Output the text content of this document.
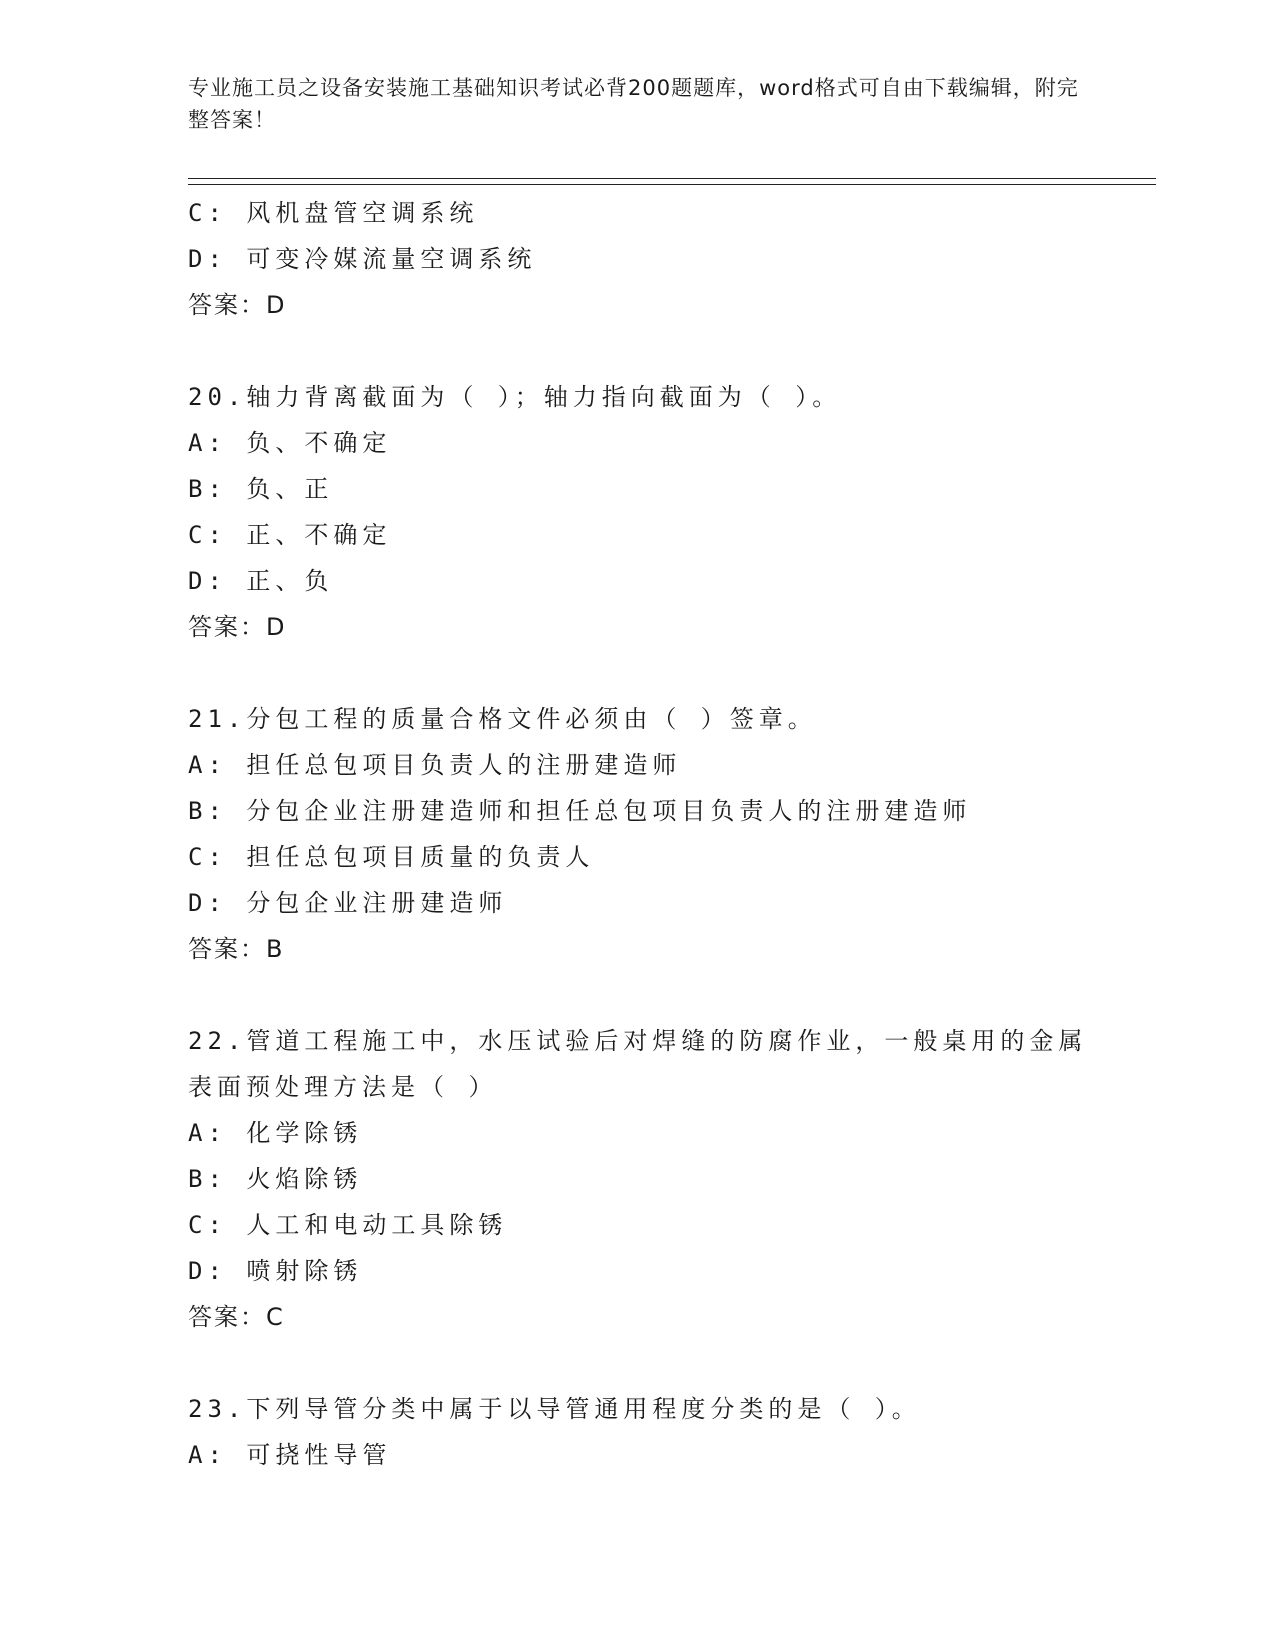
专业施工员之设备安装施工基础知识考试必背200题题库，word格式可自由下载编辑，附完整答案！
C: 风机盘管空调系统
D: 可变冷媒流量空调系统
答案：D
20.轴力背离截面为（ ）；轴力指向截面为（ ）。
A: 负、不确定
B: 负、正
C: 正、不确定
D: 正、负
答案：D
21.分包工程的质量合格文件必须由（ ）签章。
A: 担任总包项目负责人的注册建造师
B: 分包企业注册建造师和担任总包项目负责人的注册建造师
C: 担任总包项目质量的负责人
D: 分包企业注册建造师
答案：B
22.管道工程施工中，水压试验后对焊缝的防腐作业，一般桌用的金属表面预处理方法是（ ）
A: 化学除锈
B: 火焰除锈
C: 人工和电动工具除锈
D: 喷射除锈
答案：C
23.下列导管分类中属于以导管通用程度分类的是（ ）。
A: 可挠性导管
